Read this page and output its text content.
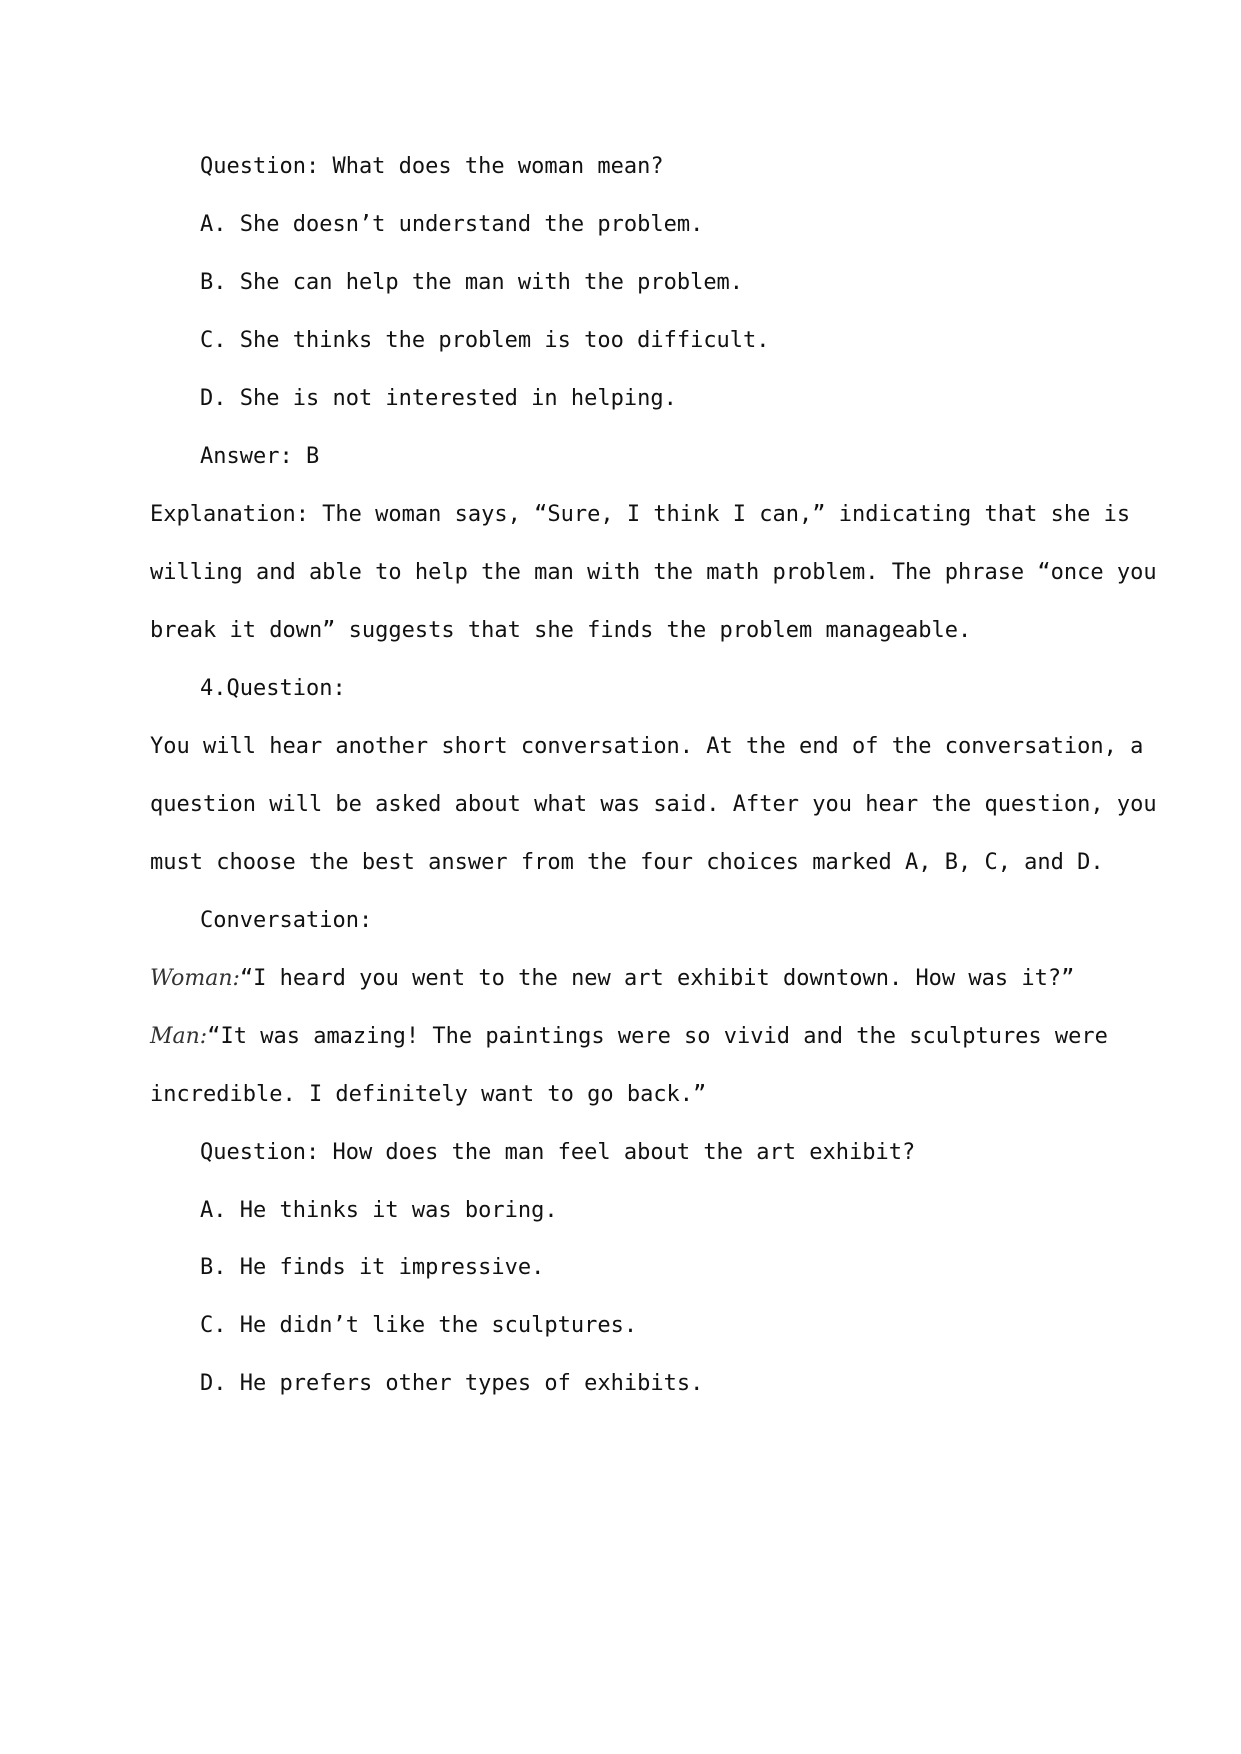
Question: What does the woman mean?
A. She doesn’t understand the problem.
B. She can help the man with the problem.
C. She thinks the problem is too difficult.
D. She is not interested in helping.
Answer: B
Explanation: The woman says, “Sure, I think I can,” indicating that she is
willing and able to help the man with the math problem. The phrase “once you
break it down” suggests that she finds the problem manageable.
4.Question:
You will hear another short conversation. At the end of the conversation, a
question will be asked about what was said. After you hear the question, you
must choose the best answer from the four choices marked A, B, C, and D.
Conversation:
Woman:“I heard you went to the new art exhibit downtown. How was it?”
Man:“It was amazing! The paintings were so vivid and the sculptures were
incredible. I definitely want to go back.”
Question: How does the man feel about the art exhibit?
A. He thinks it was boring.
B. He finds it impressive.
C. He didn’t like the sculptures.
D. He prefers other types of exhibits.
